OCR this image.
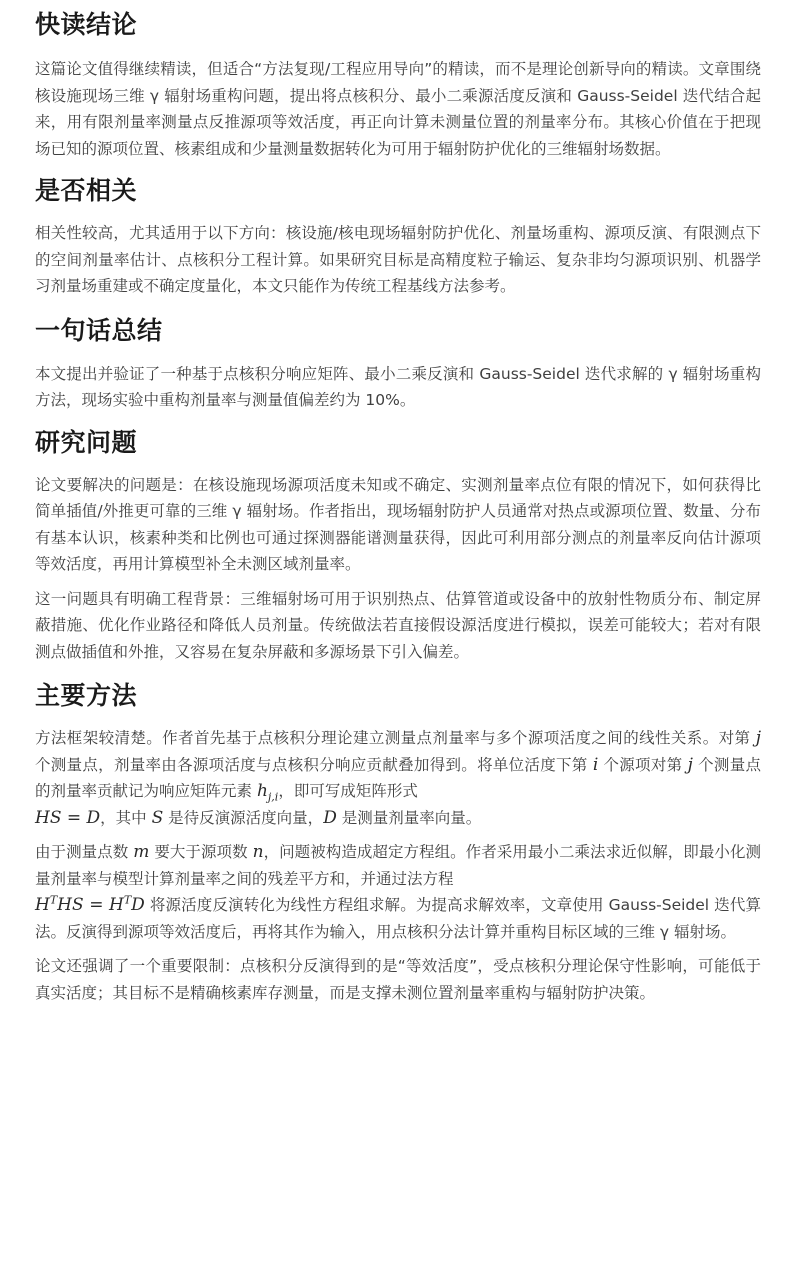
快读结论

这篇论文值得继续精读，但适合“方法复现/工程应用导向”的精读，而不是理论创新导向的精读。文章围绕核设施现场三维 γ 辐射场重构问题，提出将点核积分、最小二乘源活度反演和 Gauss-Seidel 迭代结合起来，用有限剂量率测量点反推源项等效活度，再正向计算未测量位置的剂量率分布。其核心价值在于把现场已知的源项位置、核素组成和少量测量数据转化为可用于辐射防护优化的三维辐射场数据。

是否相关

相关性较高，尤其适用于以下方向：核设施/核电现场辐射防护优化、剂量场重构、源项反演、有限测点下的空间剂量率估计、点核积分工程计算。如果研究目标是高精度粒子输运、复杂非均匀源项识别、机器学习剂量场重建或不确定度量化，本文只能作为传统工程基线方法参考。

一句话总结

本文提出并验证了一种基于点核积分响应矩阵、最小二乘反演和 Gauss-Seidel 迭代求解的 γ 辐射场重构方法，现场实验中重构剂量率与测量值偏差约为 10%。

研究问题

论文要解决的问题是：在核设施现场源项活度未知或不确定、实测剂量率点位有限的情况下，如何获得比简单插值/外推更可靠的三维 γ 辐射场。作者指出，现场辐射防护人员通常对热点或源项位置、数量、分布有基本认识，核素种类和比例也可通过探测器能谱测量获得，因此可利用部分测点的剂量率反向估计源项等效活度，再用计算模型补全未测区域剂量率。

这一问题具有明确工程背景：三维辐射场可用于识别热点、估算管道或设备中的放射性物质分布、制定屏蔽措施、优化作业路径和降低人员剂量。传统做法若直接假设源活度进行模拟，误差可能较大；若对有限测点做插值和外推，又容易在复杂屏蔽和多源场景下引入偏差。

主要方法

方法框架较清楚。作者首先基于点核积分理论建立测量点剂量率与多个源项活度之间的线性关系。对第 j 个测量点，剂量率由各源项活度与点核积分响应贡献叠加得到。将单位活度下第 i 个源项对第 j 个测量点的剂量率贡献记为响应矩阵元素 $h_{j,i}$，即可写成矩阵形式
HS = D，其中 S 是待反演源活度向量，D 是测量剂量率向量。

由于测量点数 m 要大于源项数 n，问题被构造成超定方程组。作者采用最小二乘法求近似解，即最小化测量剂量率与模型计算剂量率之间的残差平方和，并通过法方程
$H^THS = H^TD$ 将源活度反演转化为线性方程组求解。为提高求解效率，文章使用 Gauss-Seidel 迭代算法。反演得到源项等效活度后，再将其作为输入，用点核积分法计算并重构目标区域的三维 γ 辐射场。

论文还强调了一个重要限制：点核积分反演得到的是“等效活度”，受点核积分理论保守性影响，可能低于真实活度；其目标不是精确核素库存测量，而是支撑未测位置剂量率重构与辐射防护决策。
